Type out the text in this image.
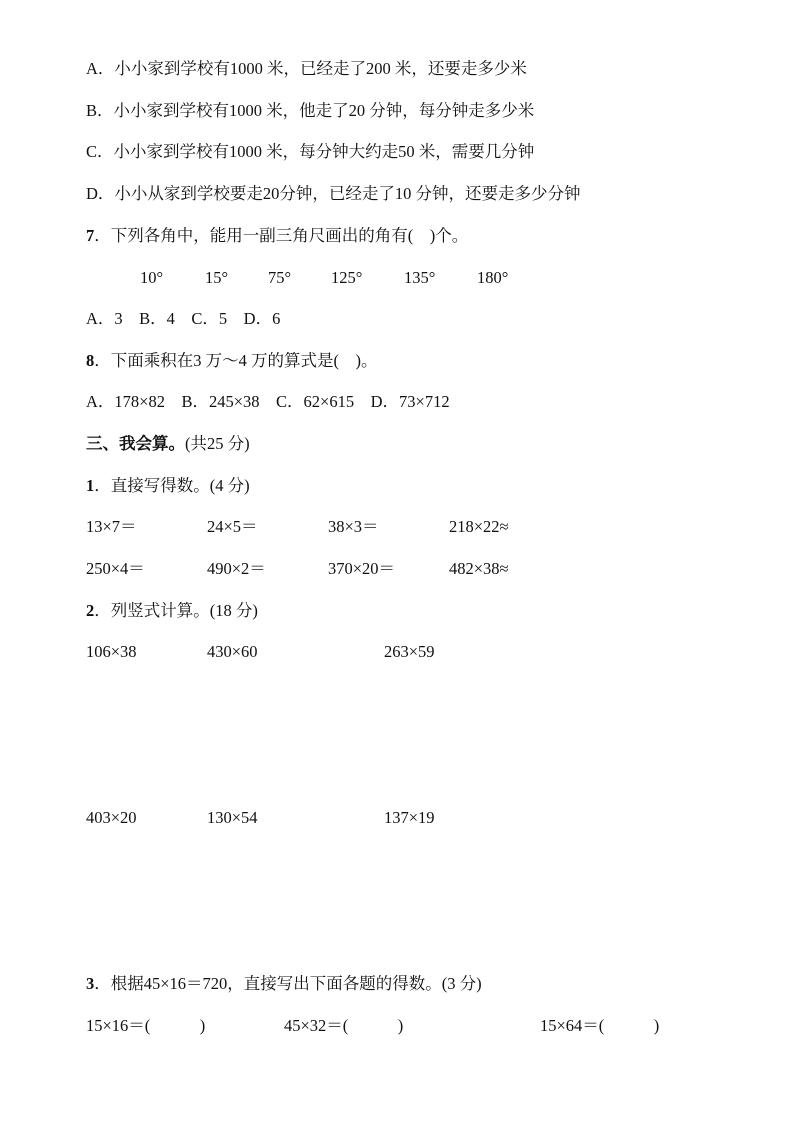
A．小小家到学校有1000 米，已经走了200 米，还要走多少米
B．小小家到学校有1000 米，他走了20 分钟，每分钟走多少米
C．小小家到学校有1000 米，每分钟大约走50 米，需要几分钟
D．小小从家到学校要走20分钟，已经走了10 分钟，还要走多少分钟
7．下列各角中，能用一副三角尺画出的角有(　)个。
10°	15° 75° 125°	135°	180°
A．3　B．4　C．5　D．6
8．下面乘积在3 万～4 万的算式是(　)。
A．178×82　B．245×38　C．62×615　D．73×712
三、我会算。(共25 分)
1．直接写得数。(4 分)
13×7＝	24×5＝	38×3＝	218×22≈
250×4＝	490×2＝	370×20＝	482×38≈
2．列竖式计算。(18 分)
106×38	430×60	263×59
403×20	130×54	137×19
3．根据45×16＝720，直接写出下面各题的得数。(3 分)
15×16＝(　　　)	45×32＝(　　　)	15×64＝(　　　)
